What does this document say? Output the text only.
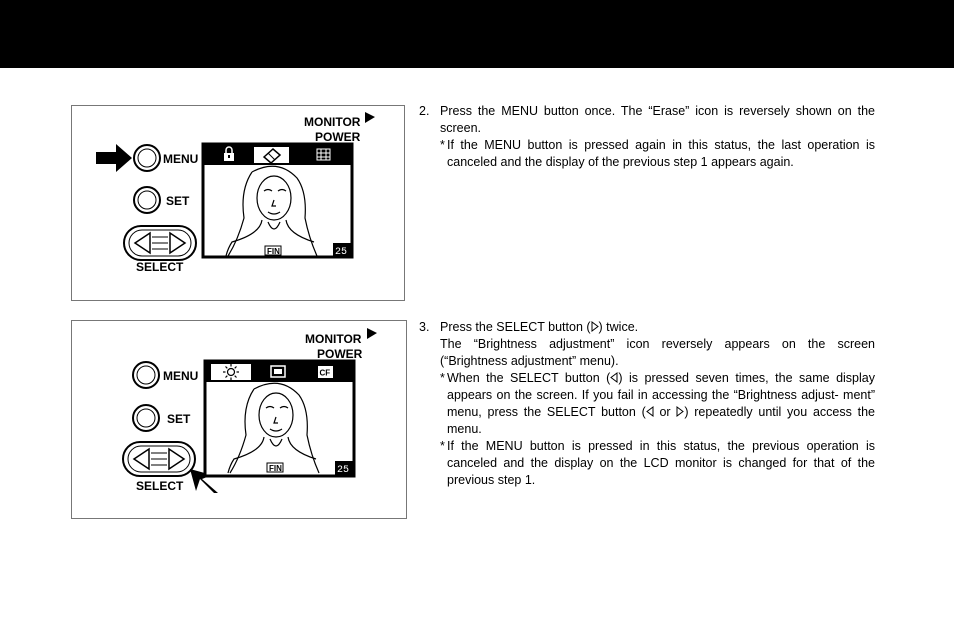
MONITOR
POWER
MENU
SET
SELECT
FIN	25
MONITOR
POWER
MENU
SET
SELECT
CF
FIN	25
2. Press the MENU button once. The “Erase” icon is reversely shown on the screen.
* If the MENU button is pressed again in this status, the last operation is canceled and the display of the previous step 1 appears again.
3. Press the SELECT button ( ) twice.
The “Brightness adjustment” icon reversely appears on the screen (“Brightness adjustment” menu).
* When the SELECT button ( ) is pressed seven times, the same display appears on the screen. If you fail in accessing the “Brightness adjust- ment” menu, press the SELECT button ( or ) repeatedly until you access the menu.
* If the MENU button is pressed in this status, the previous operation is canceled and the display on the LCD monitor is changed for that of the previous step 1.
